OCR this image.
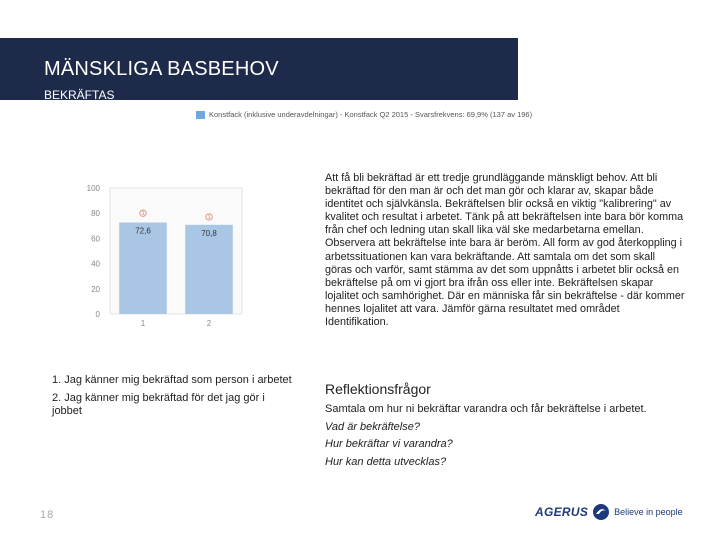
MÄNSKLIGA BASBEHOV
BEKRÄFTAS
Konstfack (inklusive underavdelningar) - Konstfack Q2 2015 - Svarsfrekvens: 69,9% (137 av 196)
0
20
40
60
80
100
72,6
1
1
70,8
2
1
Att få bli bekräftad är ett tredje grundläggande mänskligt behov. Att bli bekräftad för den man är och det man gör och klarar av, skapar både identitet och självkänsla. Bekräftelsen blir också en viktig "kalibrering" av kvalitet och resultat i arbetet. Tänk på att bekräftelsen inte bara bör komma från chef och ledning utan skall lika väl ske medarbetarna emellan. Observera att bekräftelse inte bara är beröm. All form av god återkoppling i arbetssituationen kan vara bekräftande. Att samtala om det som skall göras och varför, samt stämma av det som uppnåtts i arbetet blir också en bekräftelse på om vi gjort bra ifrån oss eller inte. Bekräftelsen skapar lojalitet och samhörighet. Där en människa får sin bekräftelse - där kommer hennes lojalitet att vara. Jämför gärna resultatet med området Identifikation.
1. Jag känner mig bekräftad som person i arbetet
2. Jag känner mig bekräftad för det jag gör i jobbet
Reflektionsfrågor
Samtala om hur ni bekräftar varandra och får bekräftelse i arbetet.
Vad är bekräftelse?
Hur bekräftar vi varandra?
Hur kan detta utvecklas?
18	AGERUS	Believe in people
